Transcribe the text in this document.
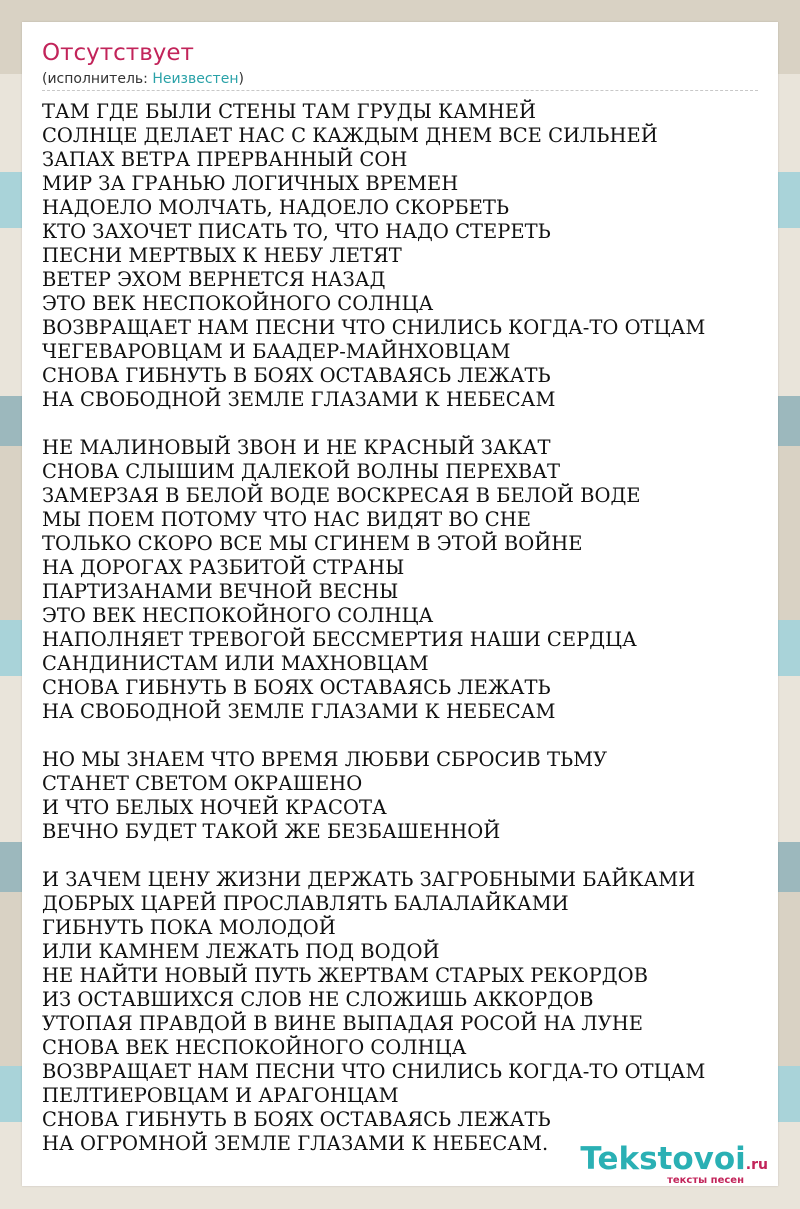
Отсутствует
(исполнитель: Неизвестен)
ТАМ ГДЕ БЫЛИ СТЕНЫ ТАМ ГРУДЫ КАМНЕЙ
СОЛНЦЕ ДЕЛАЕТ НАС С КАЖДЫМ ДНЕМ ВСЕ СИЛЬНЕЙ
ЗАПАХ ВЕТРА ПРЕРВАННЫЙ СОН
МИР ЗА ГРАНЬЮ ЛОГИЧНЫХ ВРЕМЕН
НАДОЕЛО МОЛЧАТЬ, НАДОЕЛО СКОРБЕТЬ
КТО ЗАХОЧЕТ ПИСАТЬ ТО, ЧТО НАДО СТЕРЕТЬ
ПЕСНИ МЕРТВЫХ К НЕБУ ЛЕТЯТ
ВЕТЕР ЭХОМ ВЕРНЕТСЯ НАЗАД
ЭТО ВЕК НЕСПОКОЙНОГО СОЛНЦА
ВОЗВРАЩАЕТ НАМ ПЕСНИ ЧТО СНИЛИСЬ КОГДА-ТО ОТЦАМ
ЧЕГЕВАРОВЦАМ И БААДЕР-МАЙНХОВЦАМ
СНОВА ГИБНУТЬ В БОЯХ ОСТАВАЯСЬ ЛЕЖАТЬ
НА СВОБОДНОЙ ЗЕМЛЕ ГЛАЗАМИ К НЕБЕСАМ
НЕ МАЛИНОВЫЙ ЗВОН И НЕ КРАСНЫЙ ЗАКАТ
СНОВА СЛЫШИМ ДАЛЕКОЙ ВОЛНЫ ПЕРЕХВАТ
ЗАМЕРЗАЯ В БЕЛОЙ ВОДЕ ВОСКРЕСАЯ В БЕЛОЙ ВОДЕ
МЫ ПОЕМ ПОТОМУ ЧТО НАС ВИДЯТ ВО СНЕ
ТОЛЬКО СКОРО ВСЕ МЫ СГИНЕМ В ЭТОЙ ВОЙНЕ
НА ДОРОГАХ РАЗБИТОЙ СТРАНЫ
ПАРТИЗАНАМИ ВЕЧНОЙ ВЕСНЫ
ЭТО ВЕК НЕСПОКОЙНОГО СОЛНЦА
НАПОЛНЯЕТ ТРЕВОГОЙ БЕССМЕРТИЯ НАШИ СЕРДЦА
САНДИНИСТАМ ИЛИ МАХНОВЦАМ
СНОВА ГИБНУТЬ В БОЯХ ОСТАВАЯСЬ ЛЕЖАТЬ
НА СВОБОДНОЙ ЗЕМЛЕ ГЛАЗАМИ К НЕБЕСАМ
НО МЫ ЗНАЕМ ЧТО ВРЕМЯ ЛЮБВИ СБРОСИВ ТЬМУ
СТАНЕТ СВЕТОМ ОКРАШЕНО
И ЧТО БЕЛЫХ НОЧЕЙ КРАСОТА
ВЕЧНО БУДЕТ ТАКОЙ ЖЕ БЕЗБАШЕННОЙ
И ЗАЧЕМ ЦЕНУ ЖИЗНИ ДЕРЖАТЬ ЗАГРОБНЫМИ БАЙКАМИ
ДОБРЫХ ЦАРЕЙ ПРОСЛАВЛЯТЬ БАЛАЛАЙКАМИ
ГИБНУТЬ ПОКА МОЛОДОЙ
ИЛИ КАМНЕМ ЛЕЖАТЬ ПОД ВОДОЙ
НЕ НАЙТИ НОВЫЙ ПУТЬ ЖЕРТВАМ СТАРЫХ РЕКОРДОВ
ИЗ ОСТАВШИХСЯ СЛОВ НЕ СЛОЖИШЬ АККОРДОВ
УТОПАЯ ПРАВДОЙ В ВИНЕ ВЫПАДАЯ РОСОЙ НА ЛУНЕ
СНОВА ВЕК НЕСПОКОЙНОГО СОЛНЦА
ВОЗВРАЩАЕТ НАМ ПЕСНИ ЧТО СНИЛИСЬ КОГДА-ТО ОТЦАМ
ПЕЛТИЕРОВЦАМ И АРАГОНЦАМ
СНОВА ГИБНУТЬ В БОЯХ ОСТАВАЯСЬ ЛЕЖАТЬ
НА ОГРОМНОЙ ЗЕМЛЕ ГЛАЗАМИ К НЕБЕСАМ.	Tekstovoi.ru
тексты песен
